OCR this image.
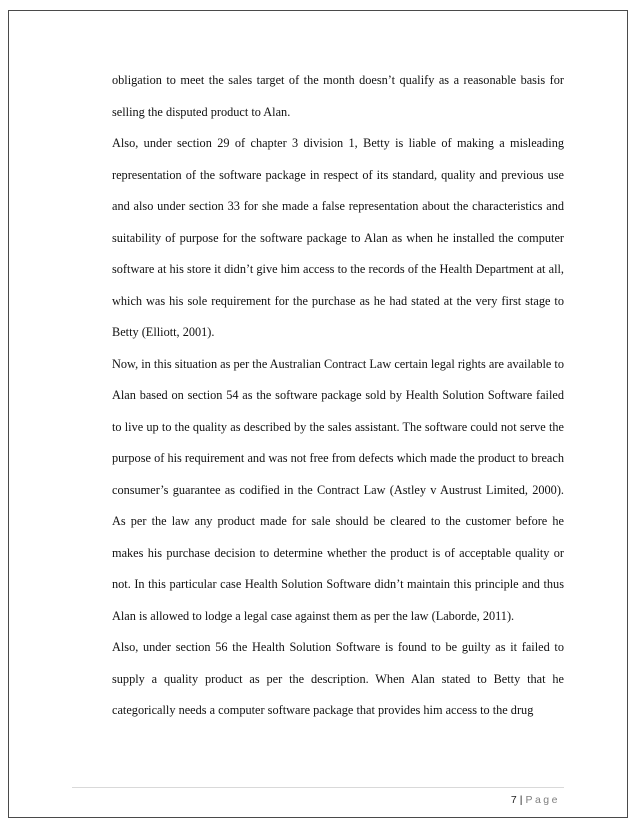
obligation to meet the sales target of the month doesn’t qualify as a reasonable basis for selling the disputed product to Alan.

Also, under section 29 of chapter 3 division 1, Betty is liable of making a misleading representation of the software package in respect of its standard, quality and previous use and also under section 33 for she made a false representation about the characteristics and suitability of purpose for the software package to Alan as when he installed the computer software at his store it didn’t give him access to the records of the Health Department at all, which was his sole requirement for the purchase as he had stated at the very first stage to Betty (Elliott, 2001).

Now, in this situation as per the Australian Contract Law certain legal rights are available to Alan based on section 54 as the software package sold by Health Solution Software failed to live up to the quality as described by the sales assistant. The software could not serve the purpose of his requirement and was not free from defects which made the product to breach consumer’s guarantee as codified in the Contract Law (Astley v Austrust Limited, 2000). As per the law any product made for sale should be cleared to the customer before he makes his purchase decision to determine whether the product is of acceptable quality or not. In this particular case Health Solution Software didn’t maintain this principle and thus Alan is allowed to lodge a legal case against them as per the law (Laborde, 2011).

Also, under section 56 the Health Solution Software is found to be guilty as it failed to supply a quality product as per the description. When Alan stated to Betty that he categorically needs a computer software package that provides him access to the drug

7 | Page
